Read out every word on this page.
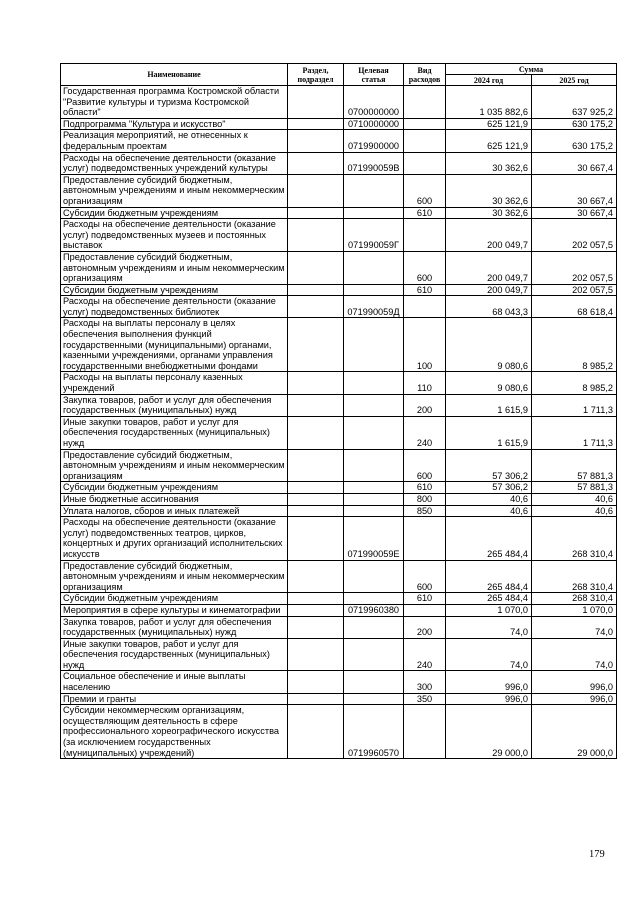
Наименование	Раздел, подраздел	Целевая статья	Вид расходов	Сумма	
				2024 год	2025 год
Государственная программа Костромской области "Развитие культуры и туризма Костромской области"		0700000000		1 035 882,6	637 925,2
Подпрограмма "Культура и искусство"		0710000000		625 121,9	630 175,2
Реализация мероприятий, не отнесенных к федеральным проектам		0719900000		625 121,9	630 175,2
Расходы на обеспечение деятельности (оказание услуг) подведомственных учреждений культуры		071990059В		30 362,6	30 667,4
Предоставление субсидий бюджетным, автономным учреждениям и иным некоммерческим организациям			600	30 362,6	30 667,4
Субсидии бюджетным учреждениям			610	30 362,6	30 667,4
Расходы на обеспечение деятельности (оказание услуг) подведомственных музеев и постоянных выставок		071990059Г		200 049,7	202 057,5
Предоставление субсидий бюджетным, автономным учреждениям и иным некоммерческим организациям			600	200 049,7	202 057,5
Субсидии бюджетным учреждениям			610	200 049,7	202 057,5
Расходы на обеспечение деятельности (оказание услуг) подведомственных библиотек		071990059Д		68 043,3	68 618,4
Расходы на выплаты персоналу в целях обеспечения выполнения функций государственными (муниципальными) органами, казенными учреждениями, органами управления государственными внебюджетными фондами			100	9 080,6	8 985,2
Расходы на выплаты персоналу казенных учреждений			110	9 080,6	8 985,2
Закупка товаров, работ и услуг для обеспечения государственных (муниципальных) нужд			200	1 615,9	1 711,3
Иные закупки товаров, работ и услуг для обеспечения государственных (муниципальных) нужд			240	1 615,9	1 711,3
Предоставление субсидий бюджетным, автономным учреждениям и иным некоммерческим организациям			600	57 306,2	57 881,3
Субсидии бюджетным учреждениям			610	57 306,2	57 881,3
Иные бюджетные ассигнования			800	40,6	40,6
Уплата налогов, сборов и иных платежей			850	40,6	40,6
Расходы на обеспечение деятельности (оказание услуг) подведомственных театров, цирков, концертных и других организаций исполнительских искусств		071990059Е		265 484,4	268 310,4
Предоставление субсидий бюджетным, автономным учреждениям и иным некоммерческим организациям			600	265 484,4	268 310,4
Субсидии бюджетным учреждениям			610	265 484,4	268 310,4
Мероприятия в сфере культуры и кинематографии		0719960380		1 070,0	1 070,0
Закупка товаров, работ и услуг для обеспечения государственных (муниципальных) нужд			200	74,0	74,0
Иные закупки товаров, работ и услуг для обеспечения государственных (муниципальных) нужд			240	74,0	74,0
Социальное обеспечение и иные выплаты населению			300	996,0	996,0
Премии и гранты			350	996,0	996,0
Субсидии некоммерческим организациям, осуществляющим деятельность в сфере профессионального хореографического искусства (за исключением государственных (муниципальных) учреждений)		0719960570		29 000,0	29 000,0
179
